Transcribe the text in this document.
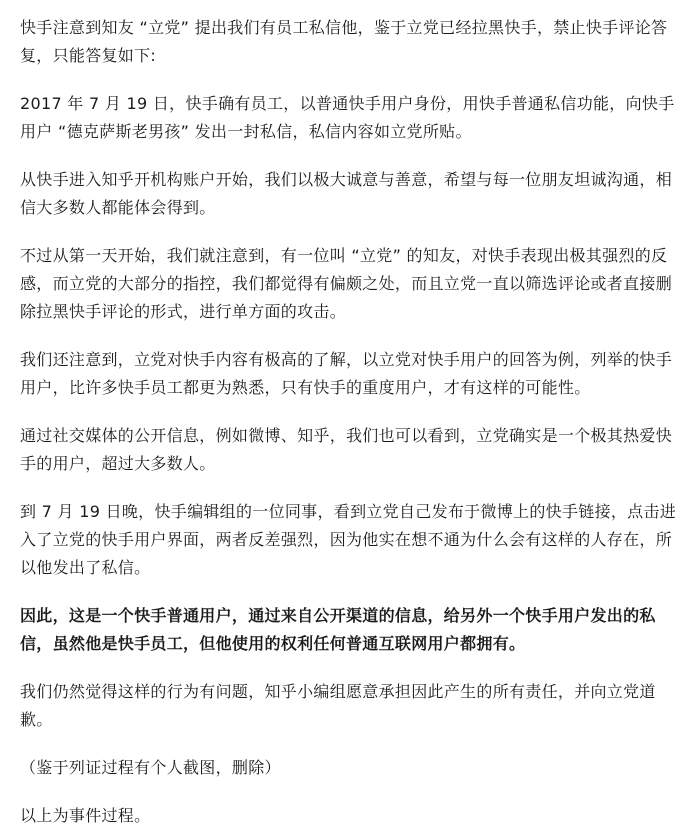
快手注意到知友 “立党” 提出我们有员工私信他，鉴于立党已经拉黑快手，禁止快手评论答复，只能答复如下:

2017 年 7 月 19 日，快手确有员工，以普通快手用户身份，用快手普通私信功能，向快手用户 “德克萨斯老男孩” 发出一封私信，私信内容如立党所贴。

从快手进入知乎开机构账户开始，我们以极大诚意与善意，希望与每一位朋友坦诚沟通，相信大多数人都能体会得到。

不过从第一天开始，我们就注意到，有一位叫 “立党” 的知友，对快手表现出极其强烈的反感，而立党的大部分的指控，我们都觉得有偏颇之处，而且立党一直以筛选评论或者直接删除拉黑快手评论的形式，进行单方面的攻击。

我们还注意到，立党对快手内容有极高的了解，以立党对快手用户的回答为例，列举的快手用户，比许多快手员工都更为熟悉，只有快手的重度用户，才有这样的可能性。

通过社交媒体的公开信息，例如微博、知乎，我们也可以看到，立党确实是一个极其热爱快手的用户，超过大多数人。

到 7 月 19 日晚，快手编辑组的一位同事，看到立党自己发布于微博上的快手链接，点击进入了立党的快手用户界面，两者反差强烈，因为他实在想不通为什么会有这样的人存在，所以他发出了私信。

因此，这是一个快手普通用户，通过来自公开渠道的信息，给另外一个快手用户发出的私信，虽然他是快手员工，但他使用的权利任何普通互联网用户都拥有。

我们仍然觉得这样的行为有问题，知乎小编组愿意承担因此产生的所有责任，并向立党道歉。

（鉴于列证过程有个人截图，删除）

以上为事件过程。
